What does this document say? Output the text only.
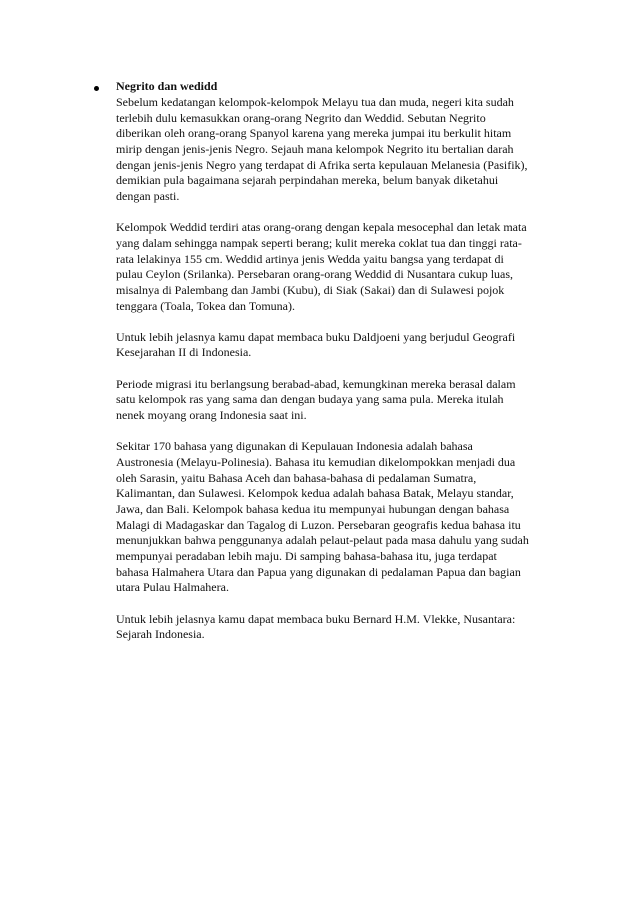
Negrito dan wedidd
Sebelum kedatangan kelompok-kelompok Melayu tua dan muda, negeri kita sudah
terlebih dulu kemasukkan orang-orang Negrito dan Weddid. Sebutan Negrito
diberikan oleh orang-orang Spanyol karena yang mereka jumpai itu berkulit hitam
mirip dengan jenis-jenis Negro. Sejauh mana kelompok Negrito itu bertalian darah
dengan jenis-jenis Negro yang terdapat di Afrika serta kepulauan Melanesia (Pasifik),
demikian pula bagaimana sejarah perpindahan mereka, belum banyak diketahui
dengan pasti.
Kelompok Weddid terdiri atas orang-orang dengan kepala mesocephal dan letak mata
yang dalam sehingga nampak seperti berang; kulit mereka coklat tua dan tinggi rata-
rata lelakinya 155 cm. Weddid artinya jenis Wedda yaitu bangsa yang terdapat di
pulau Ceylon (Srilanka). Persebaran orang-orang Weddid di Nusantara cukup luas,
misalnya di Palembang dan Jambi (Kubu), di Siak (Sakai) dan di Sulawesi pojok
tenggara (Toala, Tokea dan Tomuna).
Untuk lebih jelasnya kamu dapat membaca buku Daldjoeni yang berjudul Geografi
Kesejarahan II di Indonesia.
Periode migrasi itu berlangsung berabad-abad, kemungkinan mereka berasal dalam
satu kelompok ras yang sama dan dengan budaya yang sama pula. Mereka itulah
nenek moyang orang Indonesia saat ini.
Sekitar 170 bahasa yang digunakan di Kepulauan Indonesia adalah bahasa
Austronesia (Melayu-Polinesia). Bahasa itu kemudian dikelompokkan menjadi dua
oleh Sarasin, yaitu Bahasa Aceh dan bahasa-bahasa di pedalaman Sumatra,
Kalimantan, dan Sulawesi. Kelompok kedua adalah bahasa Batak, Melayu standar,
Jawa, dan Bali. Kelompok bahasa kedua itu mempunyai hubungan dengan bahasa
Malagi di Madagaskar dan Tagalog di Luzon. Persebaran geografis kedua bahasa itu
menunjukkan bahwa penggunanya adalah pelaut-pelaut pada masa dahulu yang sudah
mempunyai peradaban lebih maju. Di samping bahasa-bahasa itu, juga terdapat
bahasa Halmahera Utara dan Papua yang digunakan di pedalaman Papua dan bagian
utara Pulau Halmahera.
Untuk lebih jelasnya kamu dapat membaca buku Bernard H.M. Vlekke, Nusantara:
Sejarah Indonesia.
